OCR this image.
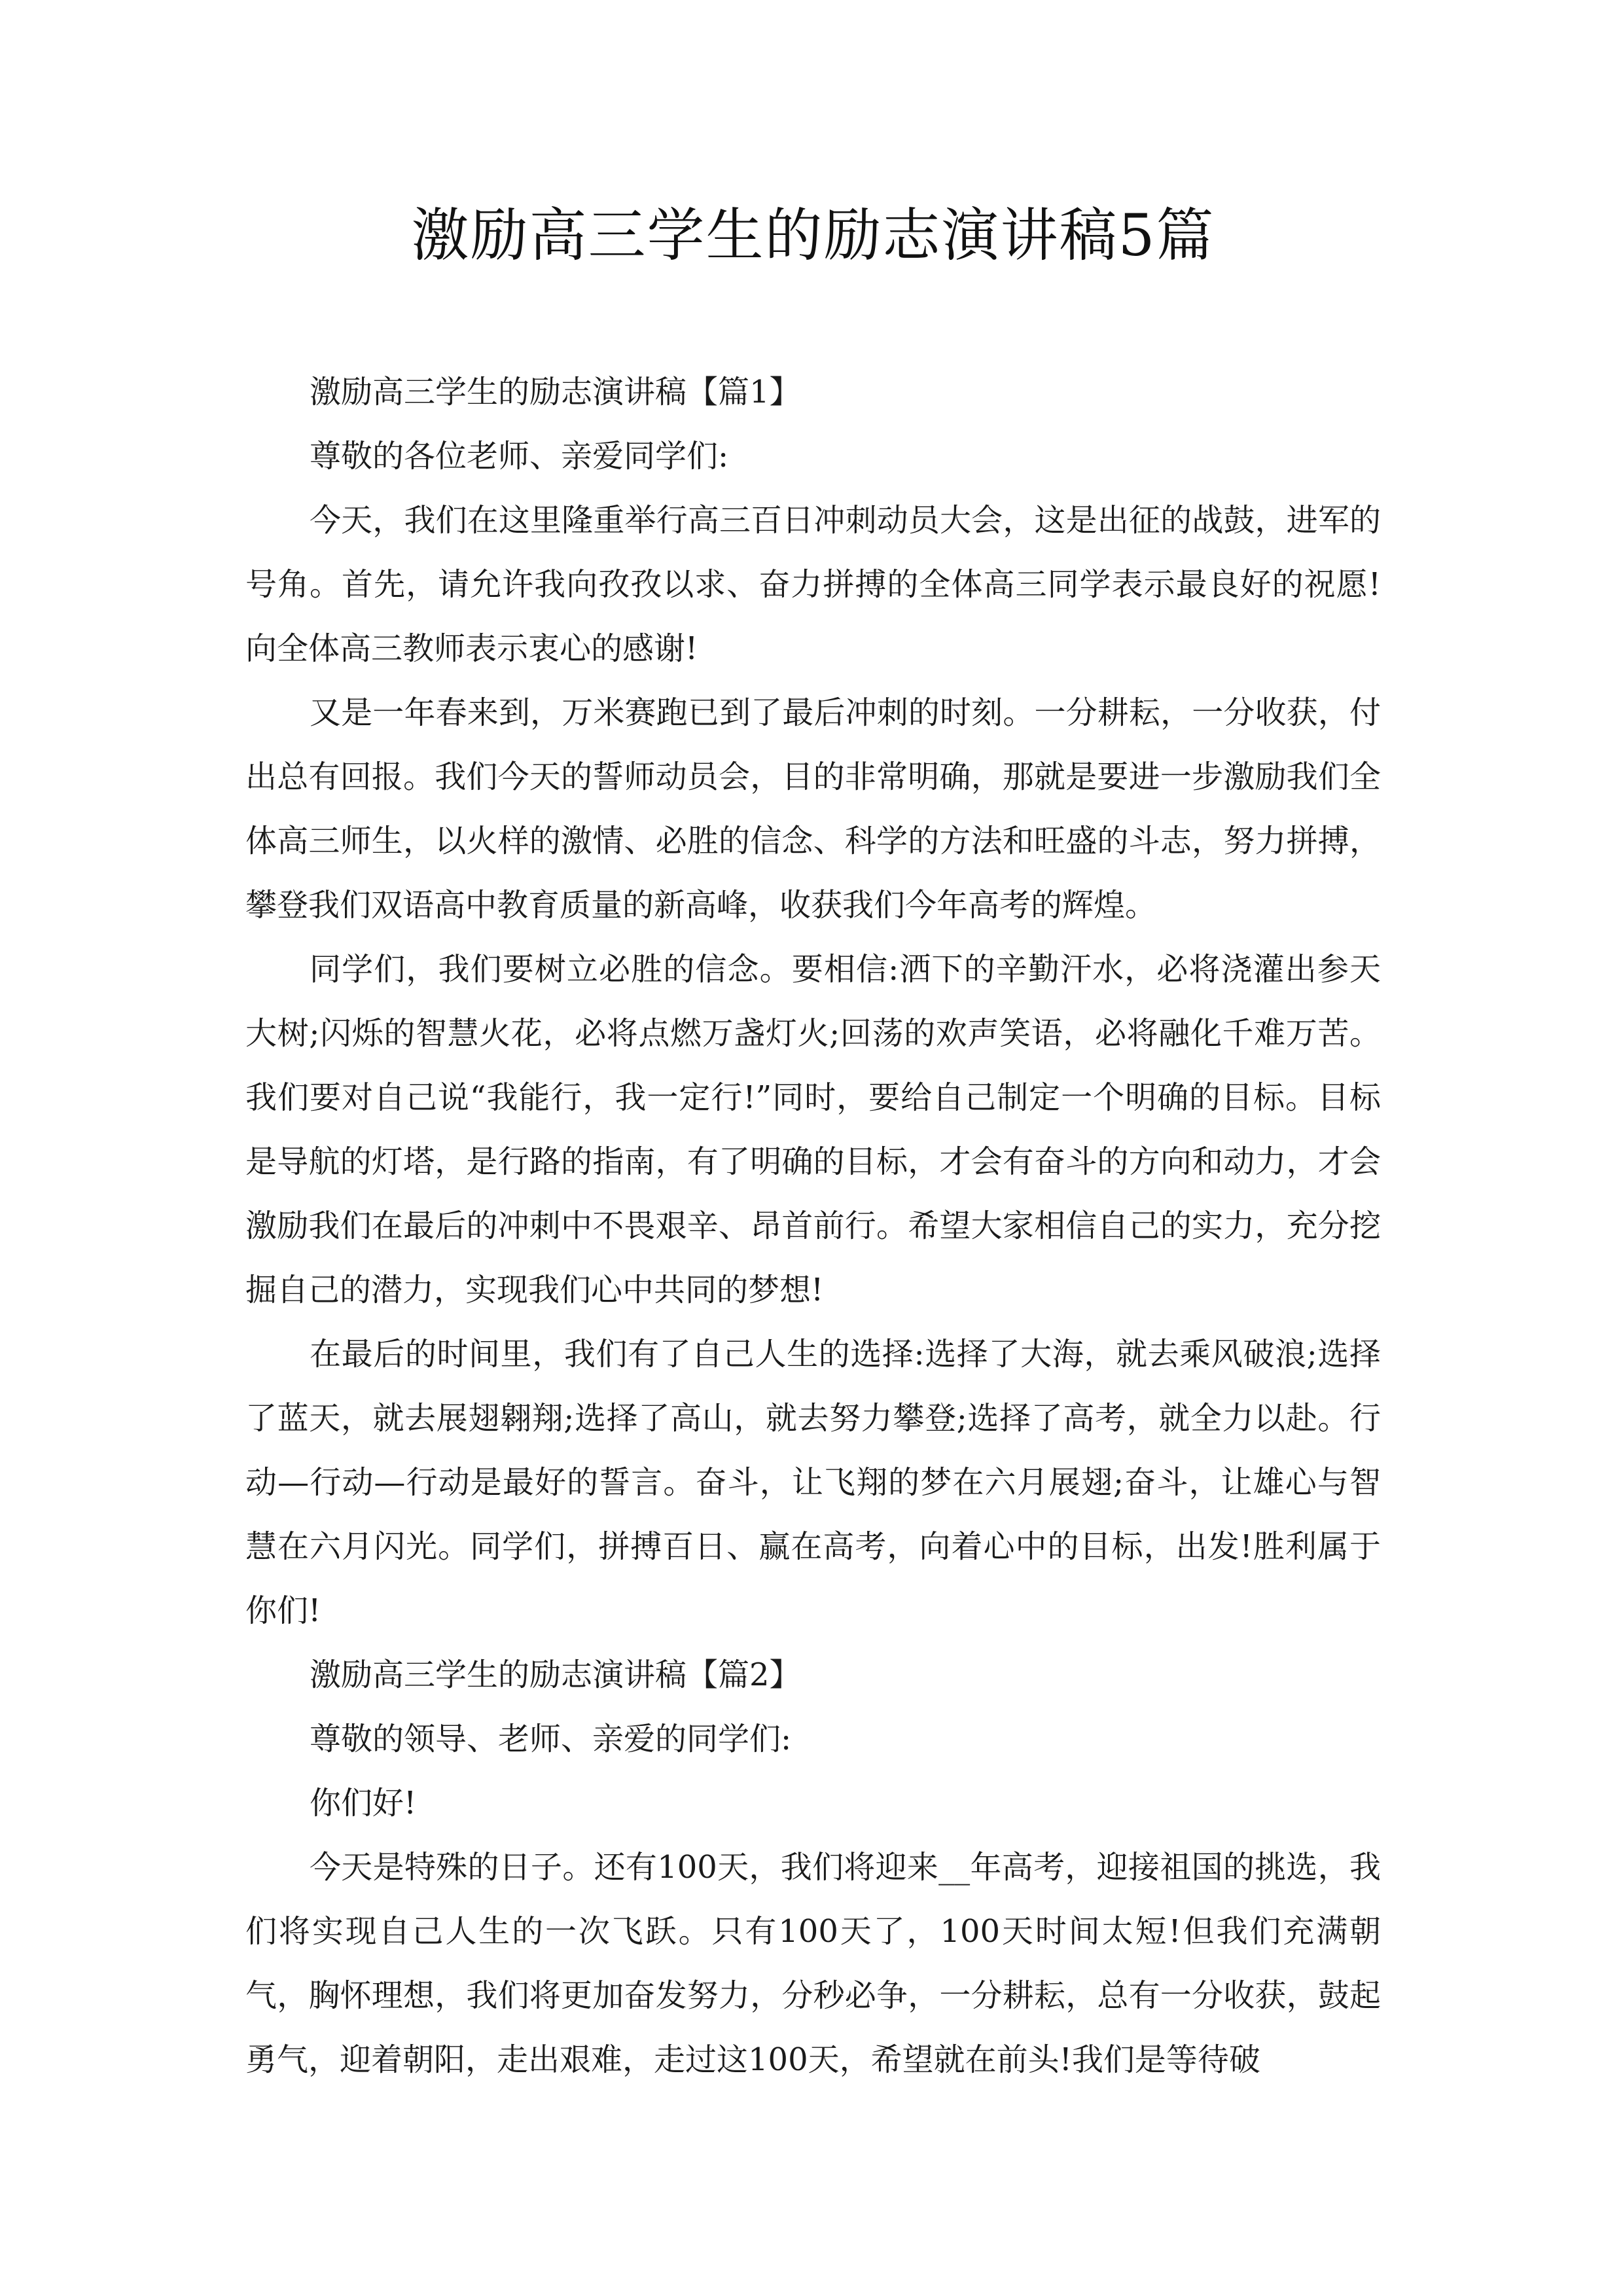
激励高三学生的励志演讲稿5篇

激励高三学生的励志演讲稿【篇1】

尊敬的各位老师、亲爱同学们:

今天，我们在这里隆重举行高三百日冲刺动员大会，这是出征的战鼓，进军的号角。首先，请允许我向孜孜以求、奋力拼搏的全体高三同学表示最良好的祝愿!向全体高三教师表示衷心的感谢!

又是一年春来到，万米赛跑已到了最后冲刺的时刻。一分耕耘，一分收获，付出总有回报。我们今天的誓师动员会，目的非常明确，那就是要进一步激励我们全体高三师生，以火样的激情、必胜的信念、科学的方法和旺盛的斗志，努力拼搏，攀登我们双语高中教育质量的新高峰，收获我们今年高考的辉煌。

同学们，我们要树立必胜的信念。要相信:洒下的辛勤汗水，必将浇灌出参天大树;闪烁的智慧火花，必将点燃万盏灯火;回荡的欢声笑语，必将融化千难万苦。我们要对自己说“我能行，我一定行!”同时，要给自己制定一个明确的目标。目标是导航的灯塔，是行路的指南，有了明确的目标，才会有奋斗的方向和动力，才会激励我们在最后的冲刺中不畏艰辛、昂首前行。希望大家相信自己的实力，充分挖掘自己的潜力，实现我们心中共同的梦想!

在最后的时间里，我们有了自己人生的选择:选择了大海，就去乘风破浪;选择了蓝天，就去展翅翱翔;选择了高山，就去努力攀登;选择了高考，就全力以赴。行动—行动—行动是最好的誓言。奋斗，让飞翔的梦在六月展翅;奋斗，让雄心与智慧在六月闪光。同学们，拼搏百日、赢在高考，向着心中的目标，出发!胜利属于你们!

激励高三学生的励志演讲稿【篇2】

尊敬的领导、老师、亲爱的同学们:

你们好!

今天是特殊的日子。还有100天，我们将迎来__年高考，迎接祖国的挑选，我们将实现自己人生的一次飞跃。只有100天了，100天时间太短!但我们充满朝气，胸怀理想，我们将更加奋发努力，分秒必争，一分耕耘，总有一分收获，鼓起勇气，迎着朝阳，走出艰难，走过这100天，希望就在前头!我们是等待破
